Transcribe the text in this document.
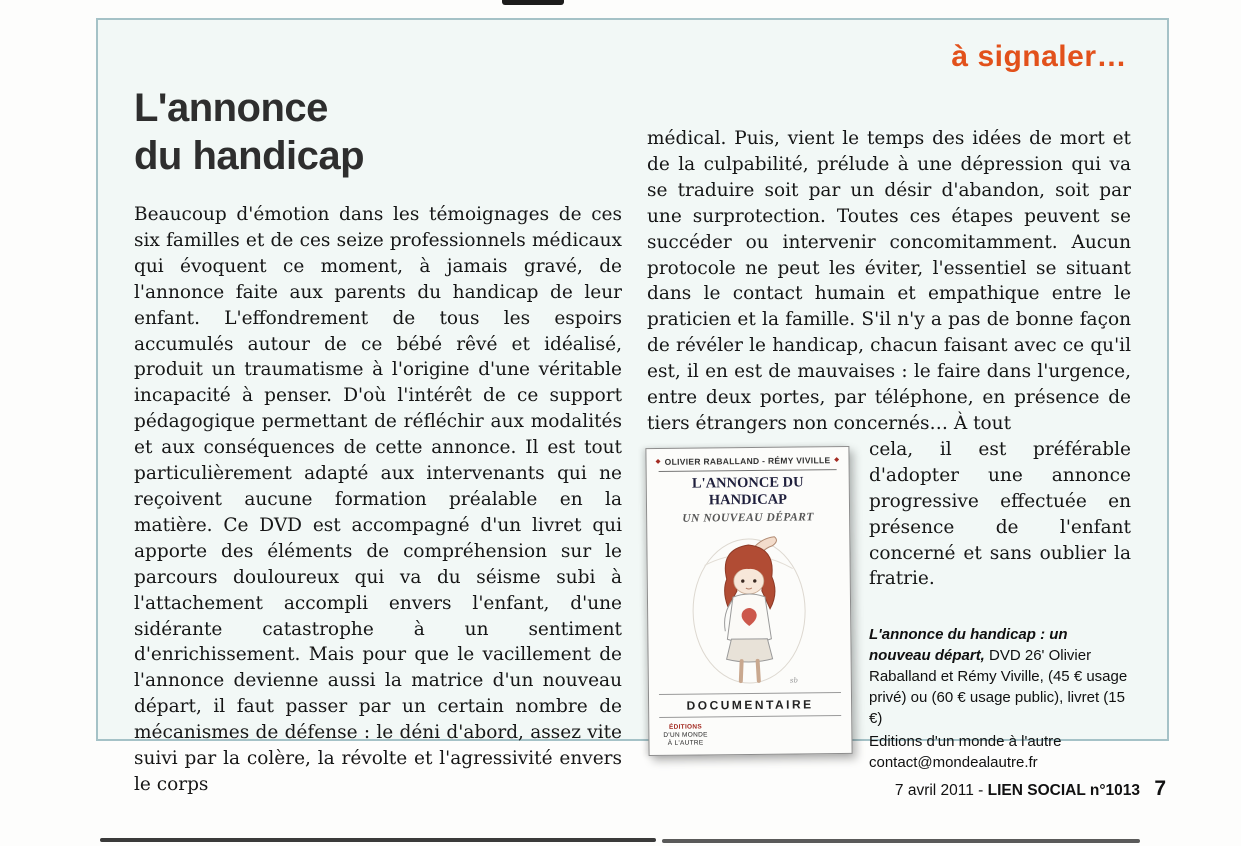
à signaler…
L'annonce
du handicap

Beaucoup d'émotion dans les témoignages de ces six familles et de ces seize professionnels médicaux qui évoquent ce moment, à jamais gravé, de l'annonce faite aux parents du handicap de leur enfant. L'effondrement de tous les espoirs accumulés autour de ce bébé rêvé et idéalisé, produit un traumatisme à l'origine d'une véritable incapacité à penser. D'où l'intérêt de ce support pédagogique permettant de réfléchir aux modalités et aux conséquences de cette annonce. Il est tout particulièrement adapté aux intervenants qui ne reçoivent aucune formation préalable en la matière. Ce DVD est accompagné d'un livret qui apporte des éléments de compréhension sur le parcours douloureux qui va du séisme subi à l'attachement accompli envers l'enfant, d'une sidérante catastrophe à un sentiment d'enrichissement. Mais pour que le vacillement de l'annonce devienne aussi la matrice d'un nouveau départ, il faut passer par un certain nombre de mécanismes de défense : le déni d'abord, assez vite suivi par la colère, la révolte et l'agressivité envers le corps

médical. Puis, vient le temps des idées de mort et de la culpabilité, prélude à une dépression qui va se traduire soit par un désir d'abandon, soit par une surprotection. Toutes ces étapes peuvent se succéder ou intervenir concomitamment. Aucun protocole ne peut les éviter, l'essentiel se situant dans le contact humain et empathique entre le praticien et la famille. S'il n'y a pas de bonne façon de révéler le handicap, chacun faisant avec ce qu'il est, il en est de mauvaises : le faire dans l'urgence, entre deux portes, par téléphone, en présence de tiers étrangers non concernés… À tout

◆ OLIVIER RABALLAND - RÉMY VIVILLE ◆
L'ANNONCE DU HANDICAP
UN NOUVEAU DÉPART
sb
DOCUMENTAIRE
ÉDITIONS
D'UN MONDE
À L'AUTRE

cela, il est préférable d'adopter une annonce progressive effectuée en présence de l'enfant concerné et sans oublier la fratrie.

L'annonce du handicap : un nouveau départ, DVD 26' Olivier Raballand et Rémy Viville, (45 € usage privé) ou (60 € usage public), livret (15 €)

Editions d'un monde à l'autre
contact@mondealautre.fr
7 avril 2011 - LIEN SOCIAL n°1013 7
